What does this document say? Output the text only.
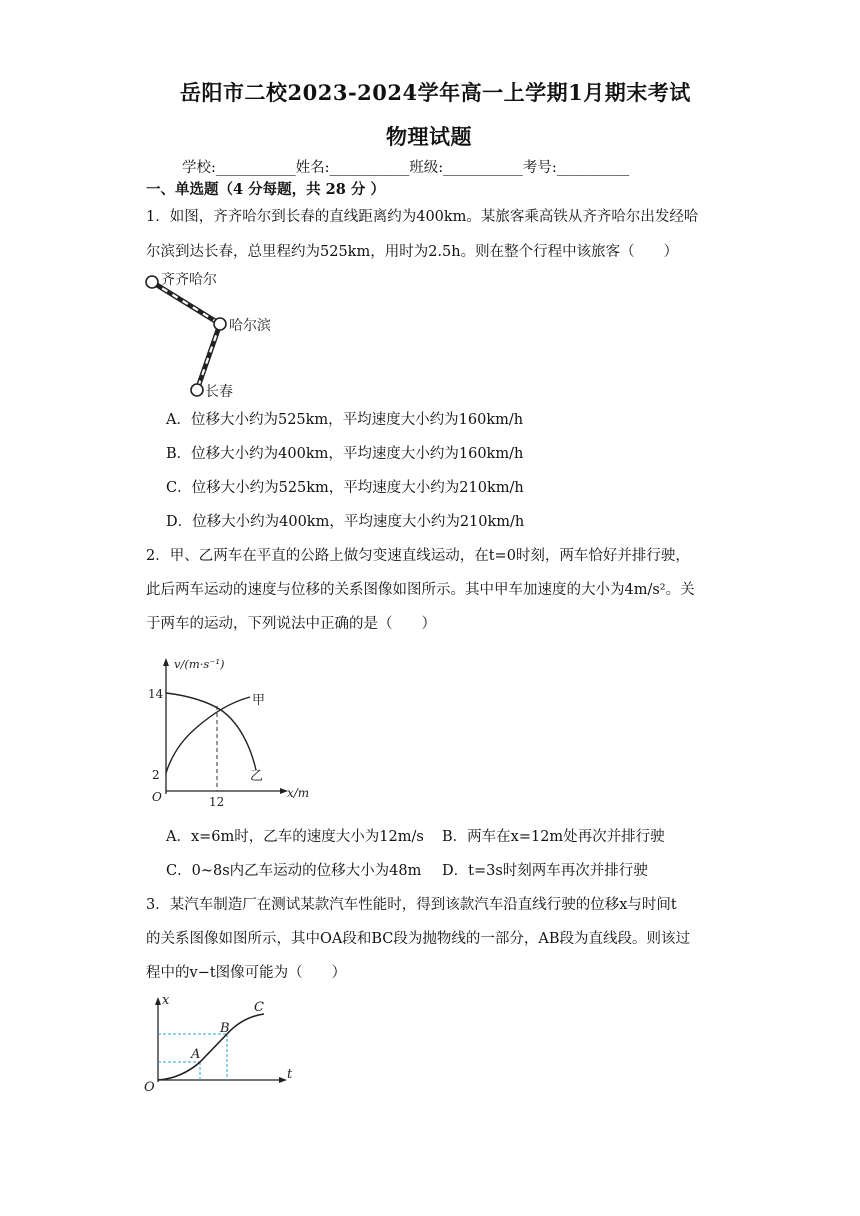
岳阳市二校2023-2024学年高一上学期1月期末考试
物理试题
学校:___________姓名:___________班级:___________考号:__________
一、单选题（4 分每题，共 28 分 ）
1．如图，齐齐哈尔到长春的直线距离约为400km。某旅客乘高铁从齐齐哈尔出发经哈
尔滨到达长春，总里程约为525km，用时为2.5h。则在整个行程中该旅客（　　）
齐齐哈尔
哈尔滨
长春
A．位移大小约为525km，平均速度大小约为160km/h
B．位移大小约为400km，平均速度大小约为160km/h
C．位移大小约为525km，平均速度大小约为210km/h
D．位移大小约为400km，平均速度大小约为210km/h
2．甲、乙两车在平直的公路上做匀变速直线运动，在t=0时刻，两车恰好并排行驶，
此后两车运动的速度与位移的关系图像如图所示。其中甲车加速度的大小为4m/s²。关
于两车的运动，下列说法中正确的是（　　）
v/(m·s⁻¹)
14
2
O	12
x/m
甲
乙
A．x=6m时，乙车的速度大小为12m/s B．两车在x=12m处再次并排行驶
C．0~8s内乙车运动的位移大小为48m D．t=3s时刻两车再次并排行驶
3．某汽车制造厂在测试某款汽车性能时，得到该款汽车沿直线行驶的位移x与时间t
的关系图像如图所示，其中OA段和BC段为抛物线的一部分，AB段为直线段。则该过
程中的v−t图像可能为（　　）
x
O
t
A
B
C
